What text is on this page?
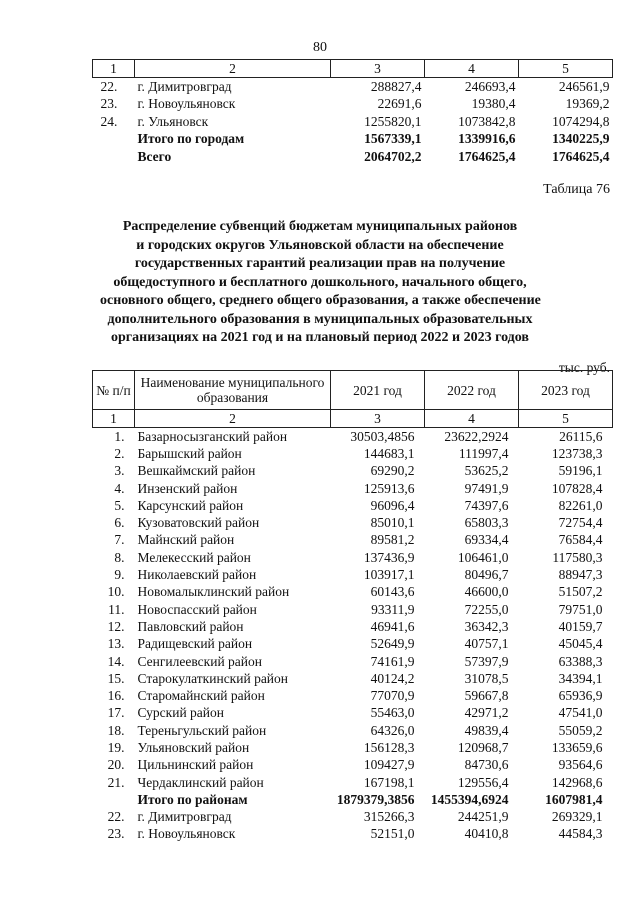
80
1	2	3	4	5
22.	г. Димитровград	288827,4	246693,4	246561,9
23.	г. Новоульяновск	22691,6	19380,4	19369,2
24.	г. Ульяновск	1255820,1	1073842,8	1074294,8
	Итого по городам	1567339,1	1339916,6	1340225,9
	Всего	2064702,2	1764625,4	1764625,4
Таблица 76
Распределение субвенций бюджетам муниципальных районов
и городских округов Ульяновской области на обеспечение
государственных гарантий реализации прав на получение
общедоступного и бесплатного дошкольного, начального общего,
основного общего, среднего общего образования, а также обеспечение
дополнительного образования в муниципальных образовательных
организациях на 2021 год и на плановый период 2022 и 2023 годов
тыс. руб.
№ п/п	Наименование муниципального образования	2021 год	2022 год	2023 год
1	2	3	4	5
1.	Базарносызганский район	30503,4856	23622,2924	26115,6
2.	Барышский район	144683,1	111997,4	123738,3
3.	Вешкаймский район	69290,2	53625,2	59196,1
4.	Инзенский район	125913,6	97491,9	107828,4
5.	Карсунский район	96096,4	74397,6	82261,0
6.	Кузоватовский район	85010,1	65803,3	72754,4
7.	Майнский район	89581,2	69334,4	76584,4
8.	Мелекесский район	137436,9	106461,0	117580,3
9.	Николаевский район	103917,1	80496,7	88947,3
10.	Новомалыклинский район	60143,6	46600,0	51507,2
11.	Новоспасский район	93311,9	72255,0	79751,0
12.	Павловский район	46941,6	36342,3	40159,7
13.	Радищевский район	52649,9	40757,1	45045,4
14.	Сенгилеевский район	74161,9	57397,9	63388,3
15.	Старокулаткинский район	40124,2	31078,5	34394,1
16.	Старомайнский район	77070,9	59667,8	65936,9
17.	Сурский район	55463,0	42971,2	47541,0
18.	Тереньгульский район	64326,0	49839,4	55059,2
19.	Ульяновский район	156128,3	120968,7	133659,6
20.	Цильнинский район	109427,9	84730,6	93564,6
21.	Чердаклинский район	167198,1	129556,4	142968,6
	Итого по районам	1879379,3856	1455394,6924	1607981,4
22.	г. Димитровград	315266,3	244251,9	269329,1
23.	г. Новоульяновск	52151,0	40410,8	44584,3
